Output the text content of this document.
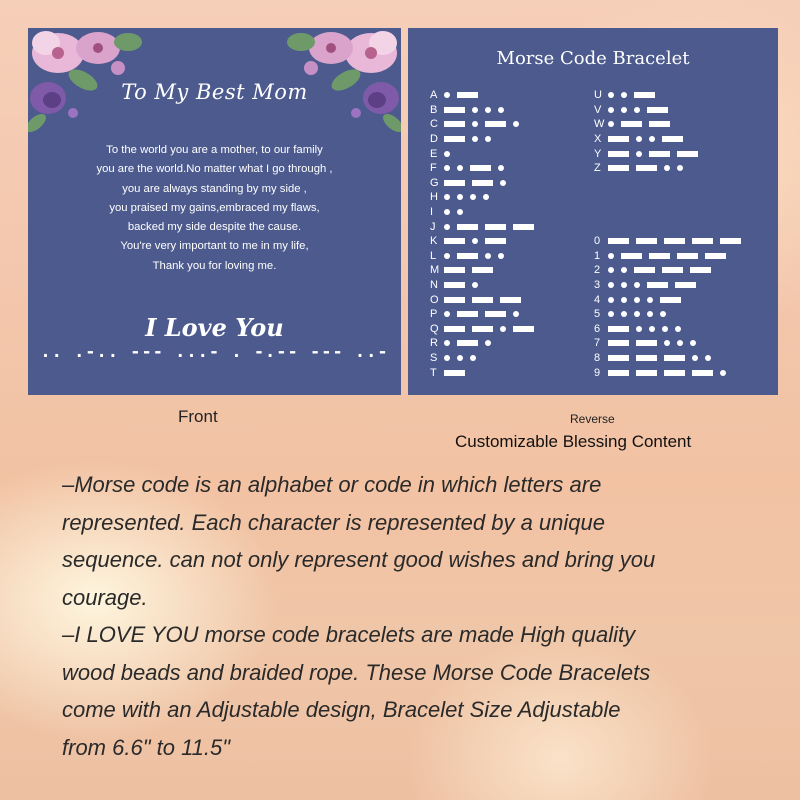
To My Best Mom
To the world you are a mother, to our family
you are the world.No matter what I go through ,
you are always standing by my side ,
you praised my gains,embraced my flaws,
backed my side despite the cause.
You're very important to me in my life,
Thank you for loving me.
I Love You
.. .-.. --- ...- . -.-- --- ..-
Morse Code Bracelet
A
B
C
D
E
F
G
H
I
J
K
L
M
N
O
P
Q
R
S
T
U
V
W
X
Y
Z
0
1
2
3
4
5
6
7
8
9
Front	Reverse
Customizable Blessing Content
–Morse code is an alphabet or code in which letters are
represented. Each character is represented by a unique
sequence. can not only represent good wishes and bring you
courage.
–I LOVE YOU morse code bracelets are made High quality
wood beads and braided rope. These Morse Code Bracelets
come with an Adjustable design, Bracelet Size Adjustable
from 6.6" to 11.5"
